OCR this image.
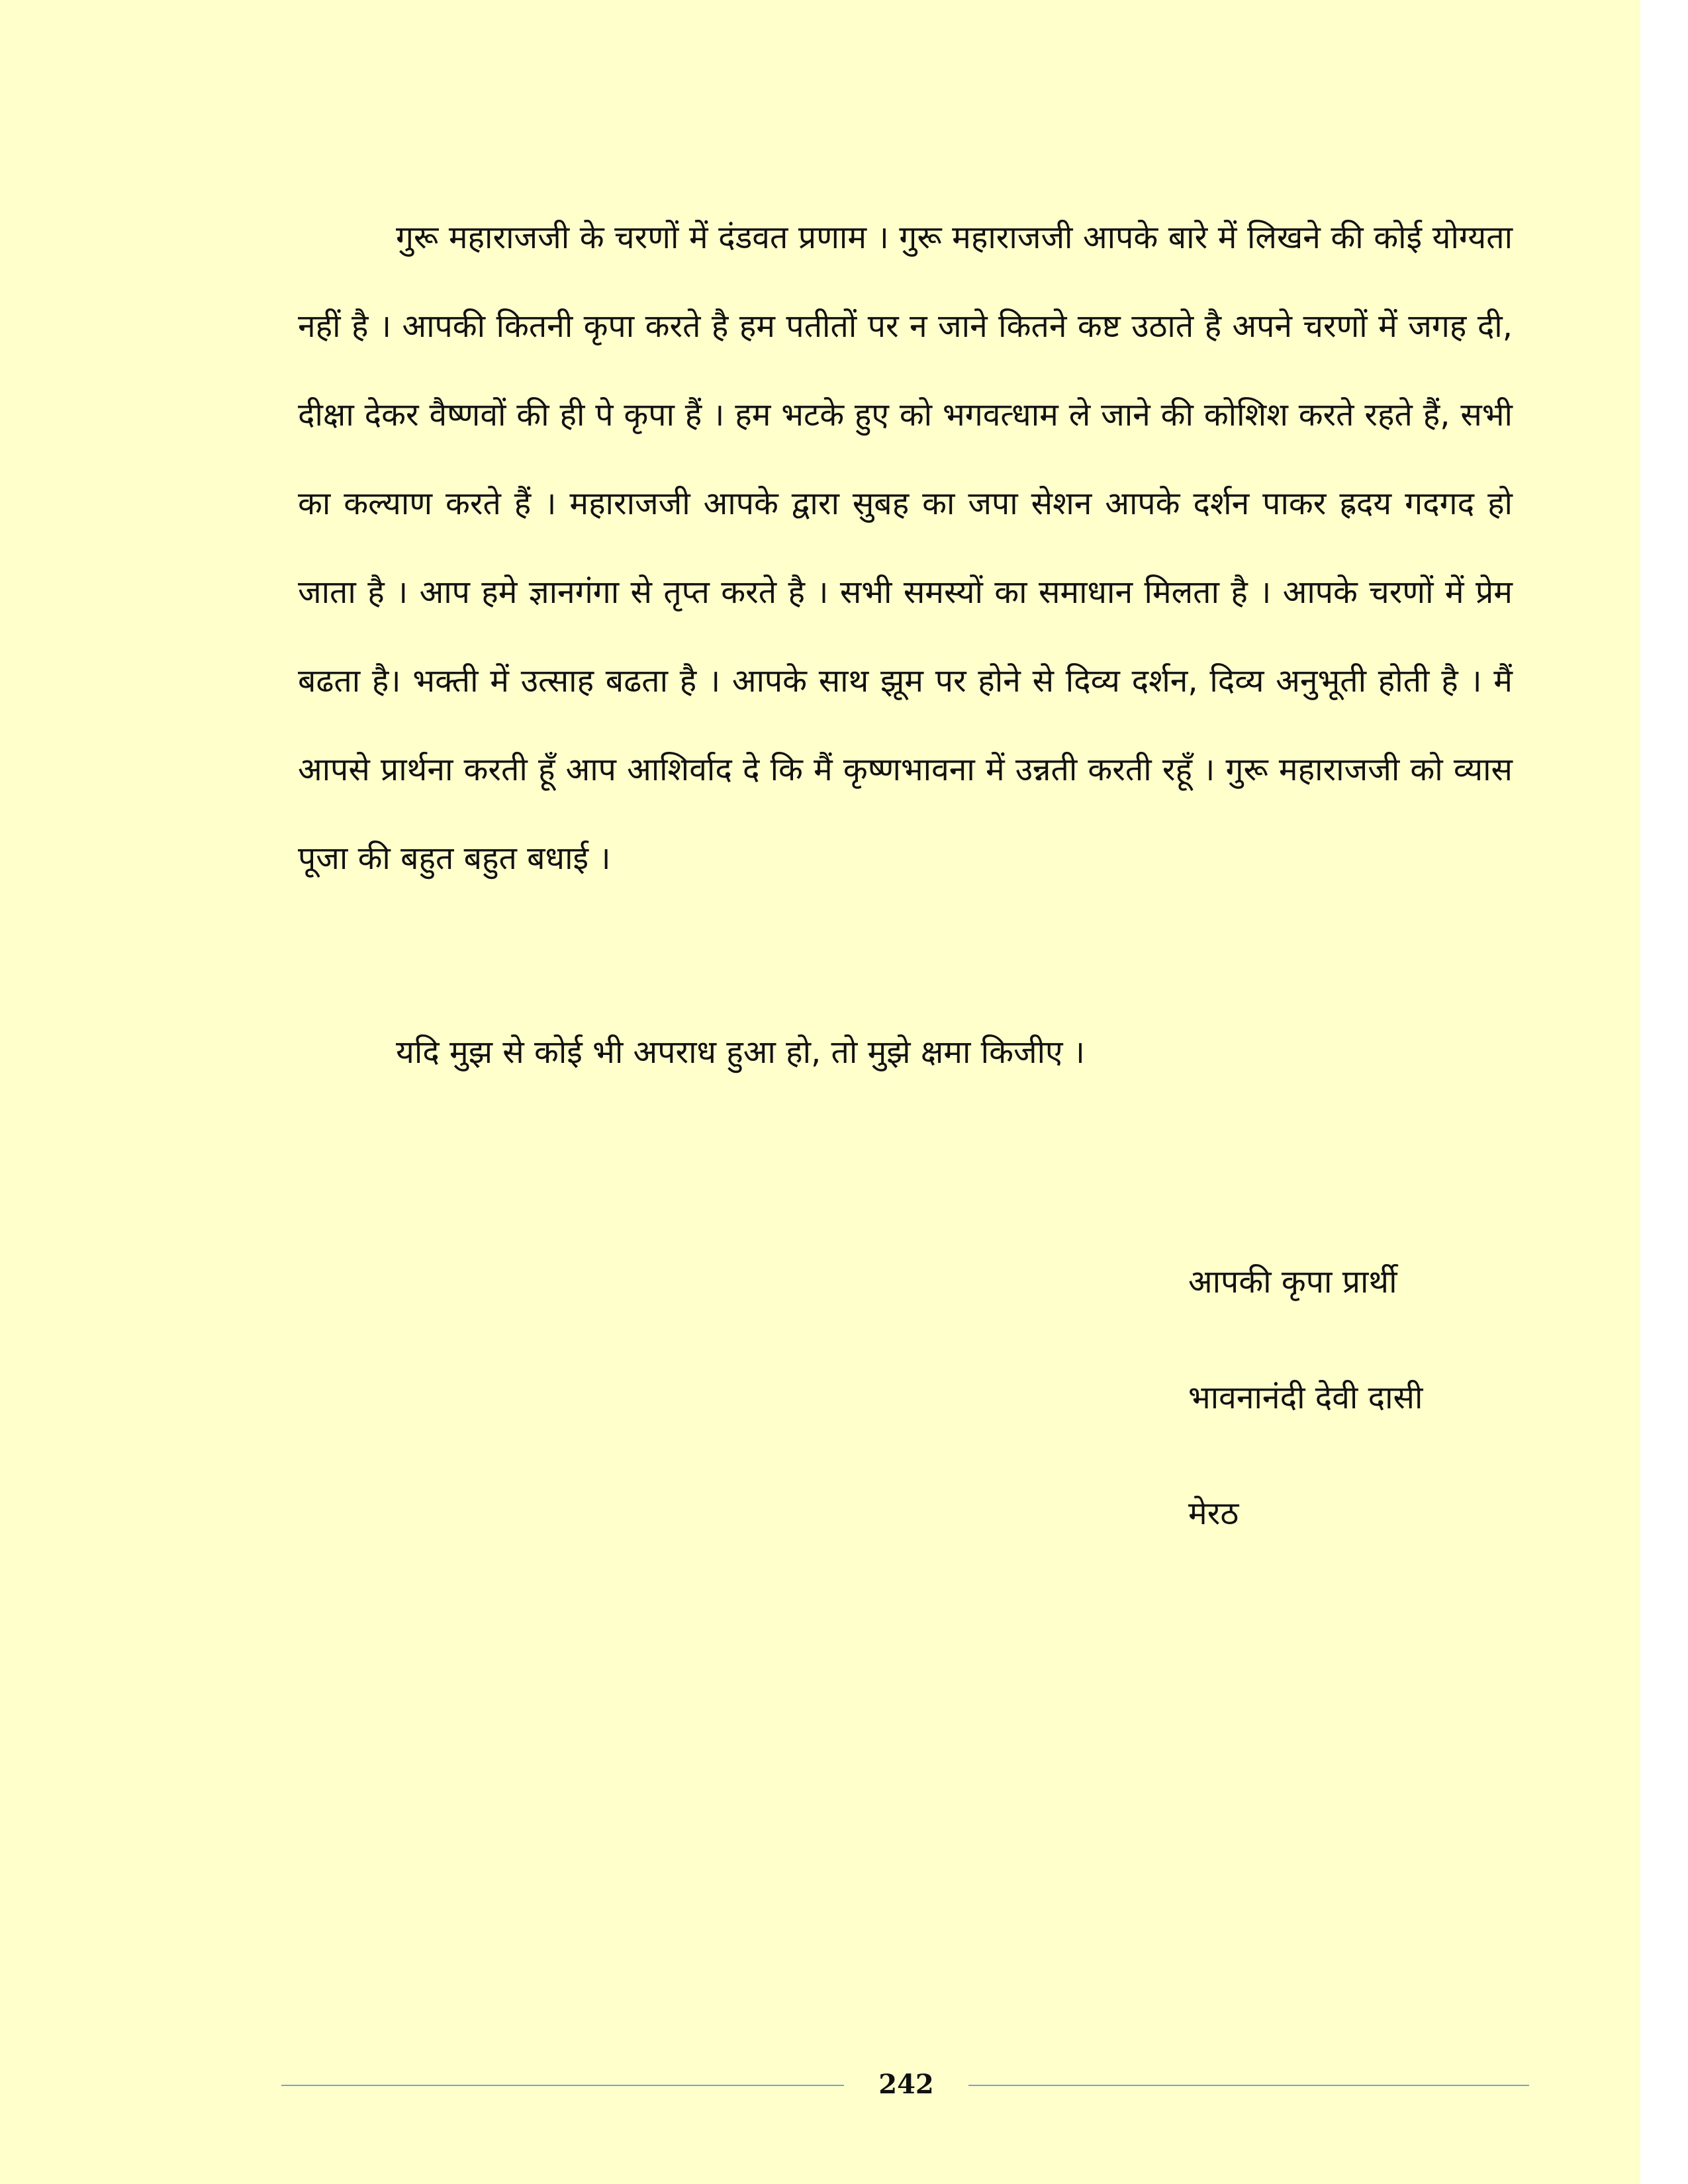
गुरू महाराजजी के चरणों में दंडवत प्रणाम । गुरू महाराजजी आपके बारे में लिखने की कोई योग्यता नहीं है । आपकी कितनी कृपा करते है हम पतीतों पर न जाने कितने कष्ट उठाते है अपने चरणों में जगह दी, दीक्षा देकर वैष्णवों की ही पे कृपा हैं । हम भटके हुए को भगवत्धाम ले जाने की कोशिश करते रहते हैं, सभी का कल्याण करते हैं । महाराजजी आपके द्वारा सुबह का जपा सेशन आपके दर्शन पाकर ह्रदय गदगद हो जाता है । आप हमे ज्ञानगंगा से तृप्त करते है । सभी समस्यों का समाधान मिलता है । आपके चरणों में प्रेम बढता है। भक्ती में उत्साह बढता है । आपके साथ झूम पर होने से दिव्य दर्शन, दिव्य अनुभूती होती है । मैं आपसे प्रार्थना करती हूँ आप आशिर्वाद दे कि मैं कृष्णभावना में उन्नती करती रहूँ । गुरू महाराजजी को व्यास पूजा की बहुत बहुत बधाई ।

यदि मुझ से कोई भी अपराध हुआ हो, तो मुझे क्षमा किजीए ।

आपकी कृपा प्रार्थी
भावनानंदी देवी दासी
मेरठ
242
